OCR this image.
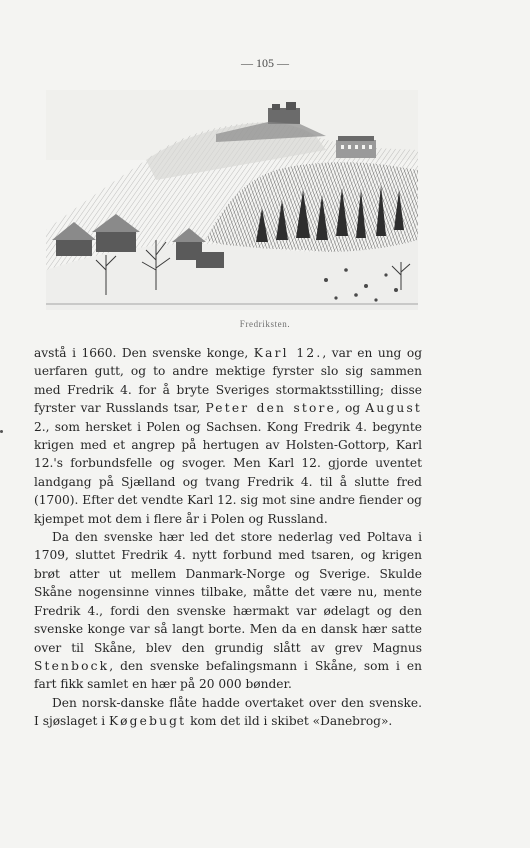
— 105 —
Fredriksten.

avstå i 1660. Den svenske konge, Karl 12., var en ung og uerfaren gutt, og to andre mektige fyrster slo sig sammen med Fredrik 4. for å bryte Sveriges stormaktsstilling; disse fyrster var Russlands tsar, Peter den store, og August 2., som hersket i Polen og Sachsen. Kong Fredrik 4. begynte krigen med et angrep på hertugen av Holsten-Gottorp, Karl 12.'s forbundsfelle og svoger. Men Karl 12. gjorde uventet landgang på Sjælland og tvang Fredrik 4. til å slutte fred (1700). Efter det vendte Karl 12. sig mot sine andre fiender og kjempet mot dem i flere år i Polen og Russland.

Da den svenske hær led det store nederlag ved Poltava i 1709, sluttet Fredrik 4. nytt forbund med tsaren, og krigen brøt atter ut mellem Danmark-Norge og Sverige. Skulde Skåne nogensinne vinnes tilbake, måtte det være nu, mente Fredrik 4., fordi den svenske hærmakt var ødelagt og den svenske konge var så langt borte. Men da en dansk hær satte over til Skåne, blev den grundig slått av grev Magnus Stenbock, den svenske befalingsmann i Skåne, som i en fart fikk samlet en hær på 20 000 bønder.

Den norsk-danske flåte hadde overtaket over den svenske. I sjøslaget i Køgebugt kom det ild i skibet «Danebrog».
